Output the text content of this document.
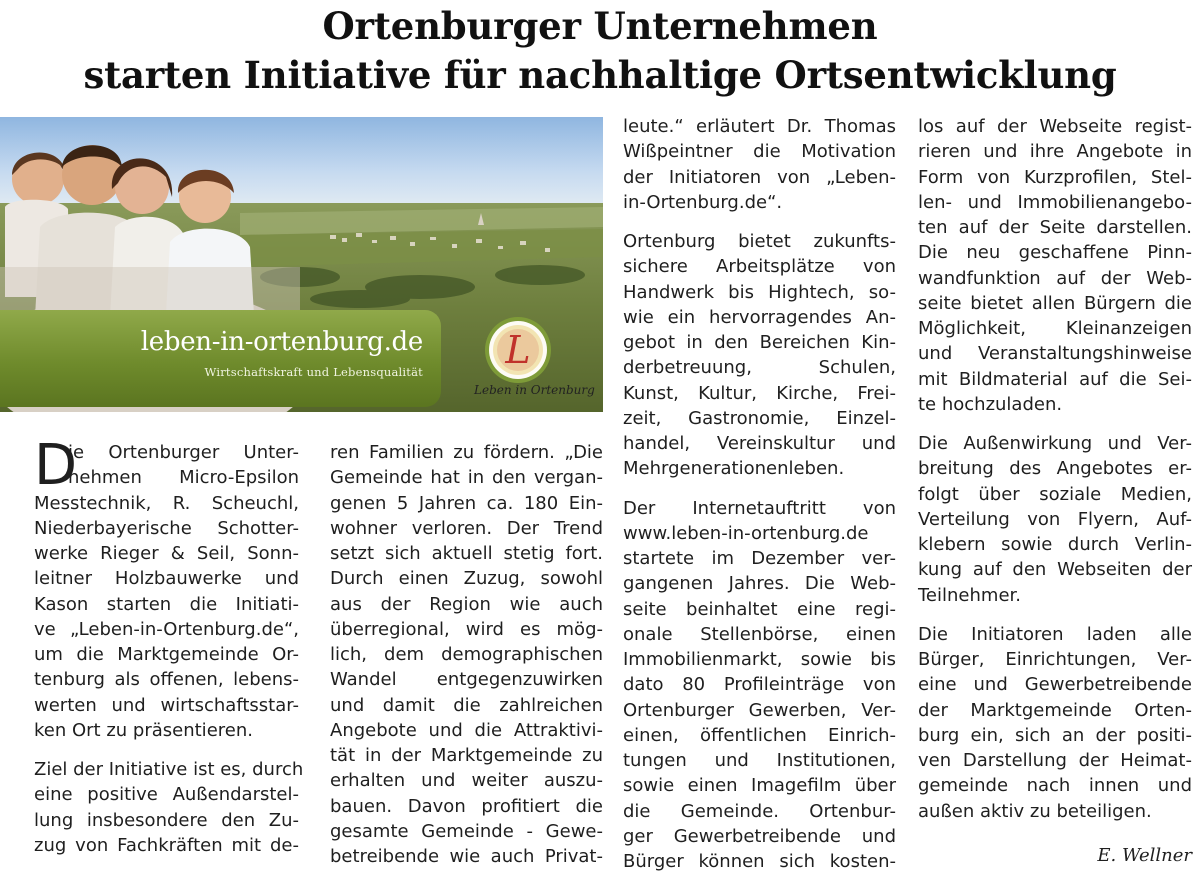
Ortenburger Unternehmen
starten Initiative für nachhaltige Ortsentwicklung
leben-in-ortenburg.de
Wirtschaftskraft und Lebensqualität L
Leben in Ortenburg
D

ie Ortenburger Unter-
nehmen Micro-Epsilon
Messtechnik, R. Scheuchl,
Niederbayerische Schotter-
werke Rieger & Seil, Sonn-
leitner Holzbauwerke und
Kason starten die Initiati-
ve „Leben-in-Ortenburg.de“,
um die Marktgemeinde Or-
tenburg als offenen, lebens-
werten und wirtschaftsstar-
ken Ort zu präsentieren.

Ziel der Initiative ist es, durch
eine positive Außendarstel-
lung insbesondere den Zu-
zug von Fachkräften mit de-

ren Familien zu fördern. „Die
Gemeinde hat in den vergan-
genen 5 Jahren ca. 180 Ein-
wohner verloren. Der Trend
setzt sich aktuell stetig fort.
Durch einen Zuzug, sowohl
aus der Region wie auch
überregional, wird es mög-
lich, dem demographischen
Wandel entgegenzuwirken
und damit die zahlreichen
Angebote und die Attraktivi-
tät in der Marktgemeinde zu
erhalten und weiter auszu-
bauen. Davon profitiert die
gesamte Gemeinde - Gewe-
betreibende wie auch Privat-

leute.“ erläutert Dr. Thomas
Wißpeintner die Motivation
der Initiatoren von „Leben-
in-Ortenburg.de“.

Ortenburg bietet zukunfts-
sichere Arbeitsplätze von
Handwerk bis Hightech, so-
wie ein hervorragendes An-
gebot in den Bereichen Kin-
derbetreuung, Schulen,
Kunst, Kultur, Kirche, Frei-
zeit, Gastronomie, Einzel-
handel, Vereinskultur und
Mehrgenerationenleben.

Der Internetauftritt von
www.leben-in-ortenburg.de
startete im Dezember ver-
gangenen Jahres. Die Web-
seite beinhaltet eine regi-
onale Stellenbörse, einen
Immobilienmarkt, sowie bis
dato 80 Profileinträge von
Ortenburger Gewerben, Ver-
einen, öffentlichen Einrich-
tungen und Institutionen,
sowie einen Imagefilm über
die Gemeinde. Ortenbur-
ger Gewerbetreibende und
Bürger können sich kosten-

los auf der Webseite regist-
rieren und ihre Angebote in
Form von Kurzprofilen, Stel-
len- und Immobilienangebo-
ten auf der Seite darstellen.
Die neu geschaffene Pinn-
wandfunktion auf der Web-
seite bietet allen Bürgern die
Möglichkeit, Kleinanzeigen
und Veranstaltungshinweise
mit Bildmaterial auf die Sei-
te hochzuladen.

Die Außenwirkung und Ver-
breitung des Angebotes er-
folgt über soziale Medien,
Verteilung von Flyern, Auf-
klebern sowie durch Verlin-
kung auf den Webseiten der
Teilnehmer.

Die Initiatoren laden alle
Bürger, Einrichtungen, Ver-
eine und Gewerbetreibende
der Marktgemeinde Orten-
burg ein, sich an der positi-
ven Darstellung der Heimat-
gemeinde nach innen und
außen aktiv zu beteiligen.

E. Wellner
